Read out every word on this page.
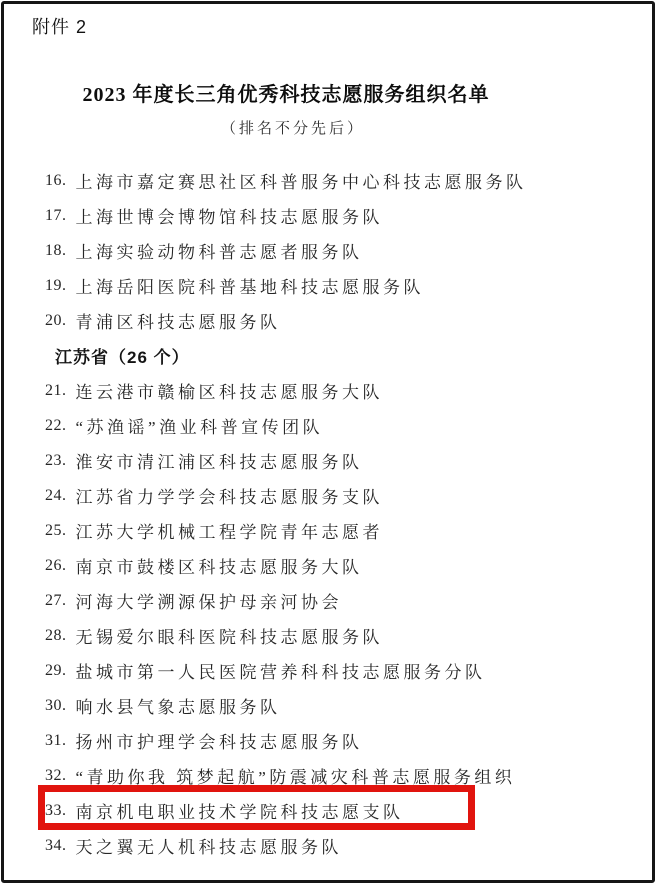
附件 2
2023 年度长三角优秀科技志愿服务组织名单
（排名不分先后）
16. 上海市嘉定赛思社区科普服务中心科技志愿服务队
17. 上海世博会博物馆科技志愿服务队
18. 上海实验动物科普志愿者服务队
19. 上海岳阳医院科普基地科技志愿服务队
20. 青浦区科技志愿服务队
江苏省（26 个）
21. 连云港市赣榆区科技志愿服务大队
22. “苏渔谣”渔业科普宣传团队
23. 淮安市清江浦区科技志愿服务队
24. 江苏省力学学会科技志愿服务支队
25. 江苏大学机械工程学院青年志愿者
26. 南京市鼓楼区科技志愿服务大队
27. 河海大学溯源保护母亲河协会
28. 无锡爱尔眼科医院科技志愿服务队
29. 盐城市第一人民医院营养科科技志愿服务分队
30. 响水县气象志愿服务队
31. 扬州市护理学会科技志愿服务队
32. “青助你我 筑梦起航”防震减灾科普志愿服务组织
33. 南京机电职业技术学院科技志愿支队
34. 天之翼无人机科技志愿服务队
